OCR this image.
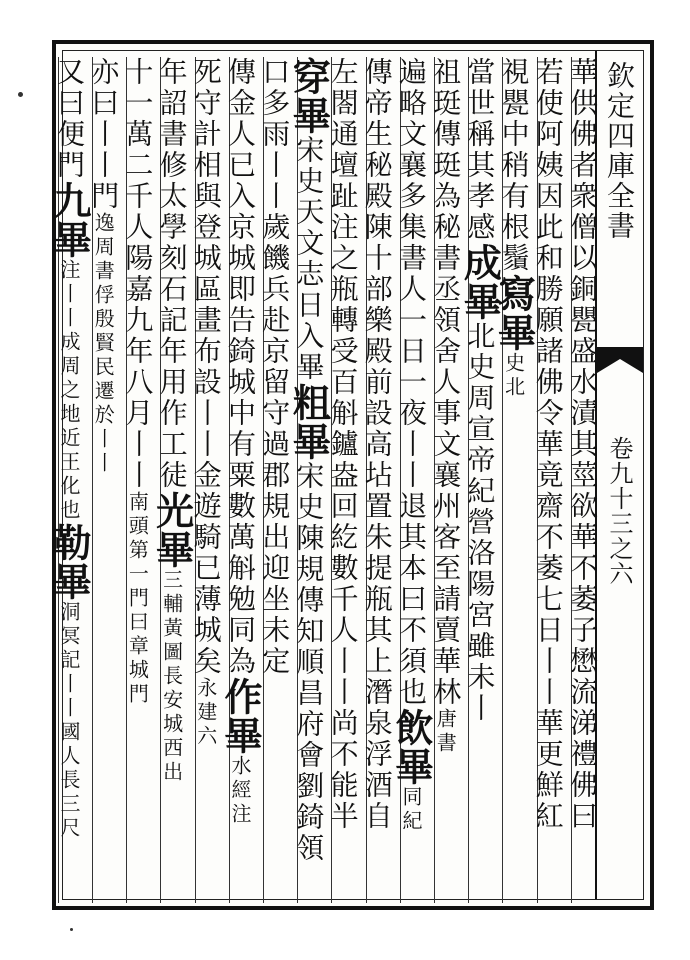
欽定四庫全書
卷九十三之六
華供佛者衆僧以銅甖盛水漬其莖欲華不萎子懋流涕禮佛曰
若使阿姨因此和勝願諸佛令華竟齋不萎七日丨丨華更鮮紅
視甖中稍有根鬚寫畢史北
當世稱其孝感成畢北史周宣帝紀營洛陽宮雖未丨
祖珽傳珽為秘書丞領舍人事文襄州客至請賣華林唐書
遍略文襄多集書人一日一夜丨丨退其本曰不須也飲畢同紀
傳帝生秘殿陳十部樂殿前設高坫置朱提瓶其上潛泉浮酒自
左閤通壇趾注之瓶轉受百斛鑪盎回紇數千人丨丨尚不能半
穿畢宋史天文志日入畢粗畢宋史陳規傳知順昌府會劉錡領
口多雨丨丨歲饑兵赴京留守過郡規出迎坐未定
傳金人已入京城即告錡城中有粟數萬斛勉同為作畢水經注
死守計相與登城區畫布設丨丨金遊騎已薄城矣永建六
年詔書修太學刻石記年用作工徒光畢三輔黃圖長安城西出
十一萬二千人陽嘉九年八月丨丨南頭第一門曰章城門
亦曰丨丨門逸周書俘殷賢民遷於丨丨
又曰便門九畢注丨丨成周之地近王化也勒畢洞冥記丨丨國人長三尺
